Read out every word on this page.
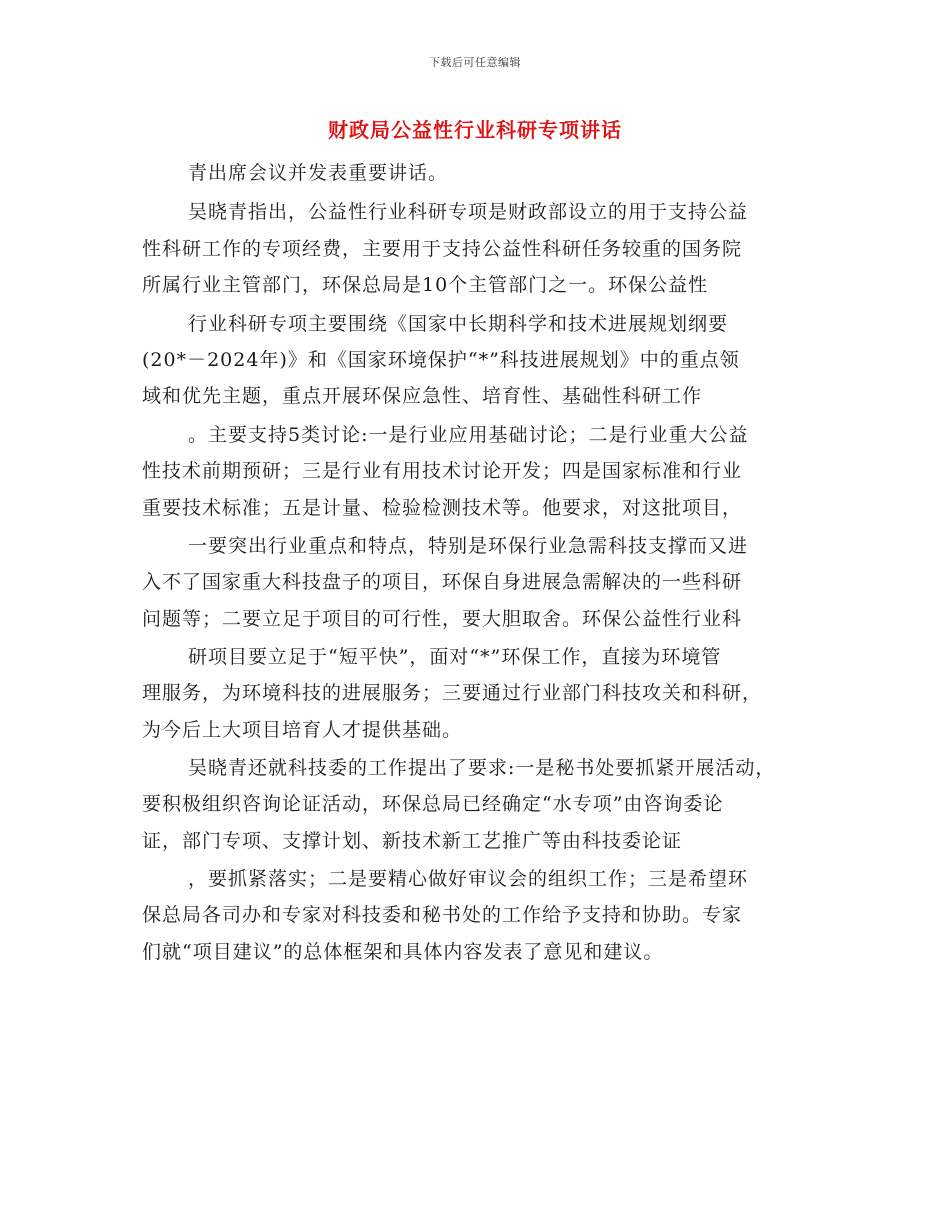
下载后可任意编辑
财政局公益性行业科研专项讲话
青出席会议并发表重要讲话。
吴晓青指出，公益性行业科研专项是财政部设立的用于支持公益
性科研工作的专项经费，主要用于支持公益性科研任务较重的国务院
所属行业主管部门，环保总局是10个主管部门之一。环保公益性
行业科研专项主要围绕《国家中长期科学和技术进展规划纲要
(20*－2024年)》和《国家环境保护“*”科技进展规划》中的重点领
域和优先主题，重点开展环保应急性、培育性、基础性科研工作
。主要支持5类讨论:一是行业应用基础讨论；二是行业重大公益
性技术前期预研；三是行业有用技术讨论开发；四是国家标准和行业
重要技术标准；五是计量、检验检测技术等。他要求，对这批项目，
一要突出行业重点和特点，特别是环保行业急需科技支撑而又进
入不了国家重大科技盘子的项目，环保自身进展急需解决的一些科研
问题等；二要立足于项目的可行性，要大胆取舍。环保公益性行业科
研项目要立足于“短平快”，面对“*”环保工作，直接为环境管
理服务，为环境科技的进展服务；三要通过行业部门科技攻关和科研，
为今后上大项目培育人才提供基础。
吴晓青还就科技委的工作提出了要求:一是秘书处要抓紧开展活动，
要积极组织咨询论证活动，环保总局已经确定“水专项”由咨询委论
证，部门专项、支撑计划、新技术新工艺推广等由科技委论证
，要抓紧落实；二是要精心做好审议会的组织工作；三是希望环
保总局各司办和专家对科技委和秘书处的工作给予支持和协助。专家
们就“项目建议”的总体框架和具体内容发表了意见和建议。
